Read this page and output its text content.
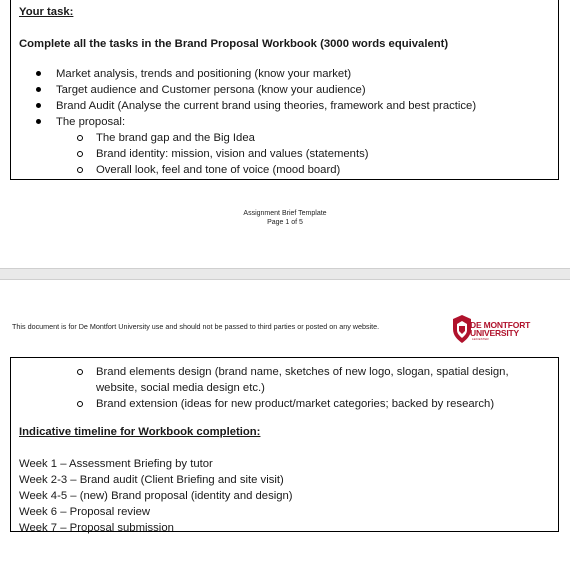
Your task:
Complete all the tasks in the Brand Proposal Workbook (3000 words equivalent)
Market analysis, trends and positioning (know your market)
Target audience and Customer persona (know your audience)
Brand Audit (Analyse the current brand using theories, framework and best practice)
The proposal:
The brand gap and the Big Idea
Brand identity: mission, vision and values (statements)
Overall look, feel and tone of voice (mood board)
Assignment Brief Template
Page 1 of 5
This document is for De Montfort University use and should not be passed to third parties or posted on any website.	DE MONTFORT
UNIVERSITY
LEICESTER
Brand elements design (brand name, sketches of new logo, slogan, spatial design, website, social media design etc.)
Brand extension (ideas for new product/market categories; backed by research)
Indicative timeline for Workbook completion:
Week 1 – Assessment Briefing by tutor
Week 2-3 – Brand audit (Client Briefing and site visit)
Week 4-5 – (new) Brand proposal (identity and design)
Week 6 – Proposal review
Week 7 – Proposal submission
